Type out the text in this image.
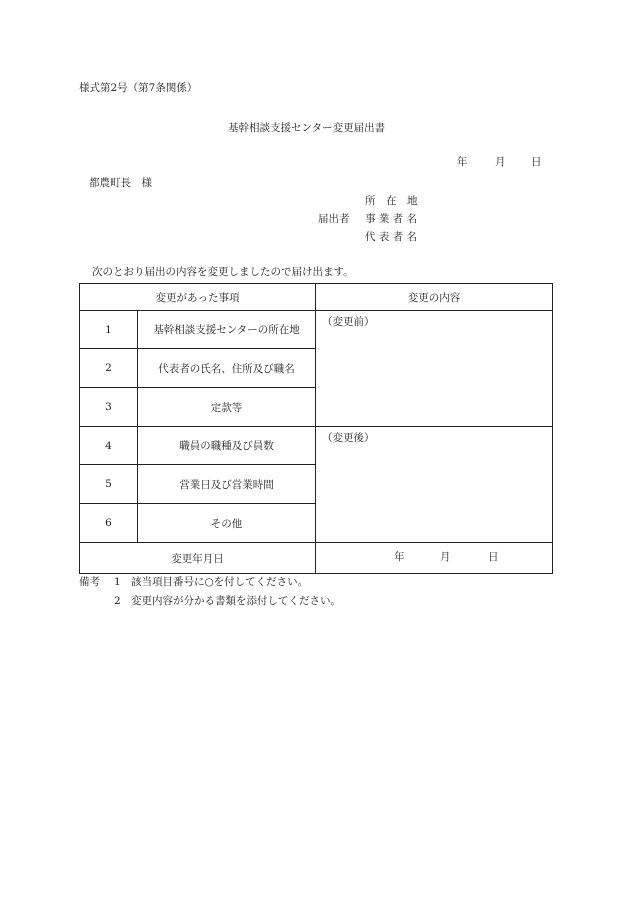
様式第2号（第7条関係）
基幹相談支援センター変更届出書
年	月 日
都農町長　様
所　在　地
届出者 事 業 者 名
代 表 者 名
次のとおり届出の内容を変更しましたので届け出ます。
変更があった事項		変更の内容
1	基幹相談支援センターの所在地	（変更前）
2	代表者の氏名、住所及び職名	
3	定款等	
4	職員の職種及び員数	（変更後）
5	営業日及び営業時間	
6	その他	
変更年月日		年 月 日
備考 1 該当項目番号に○を付してください。
2 変更内容が分かる書類を添付してください。
